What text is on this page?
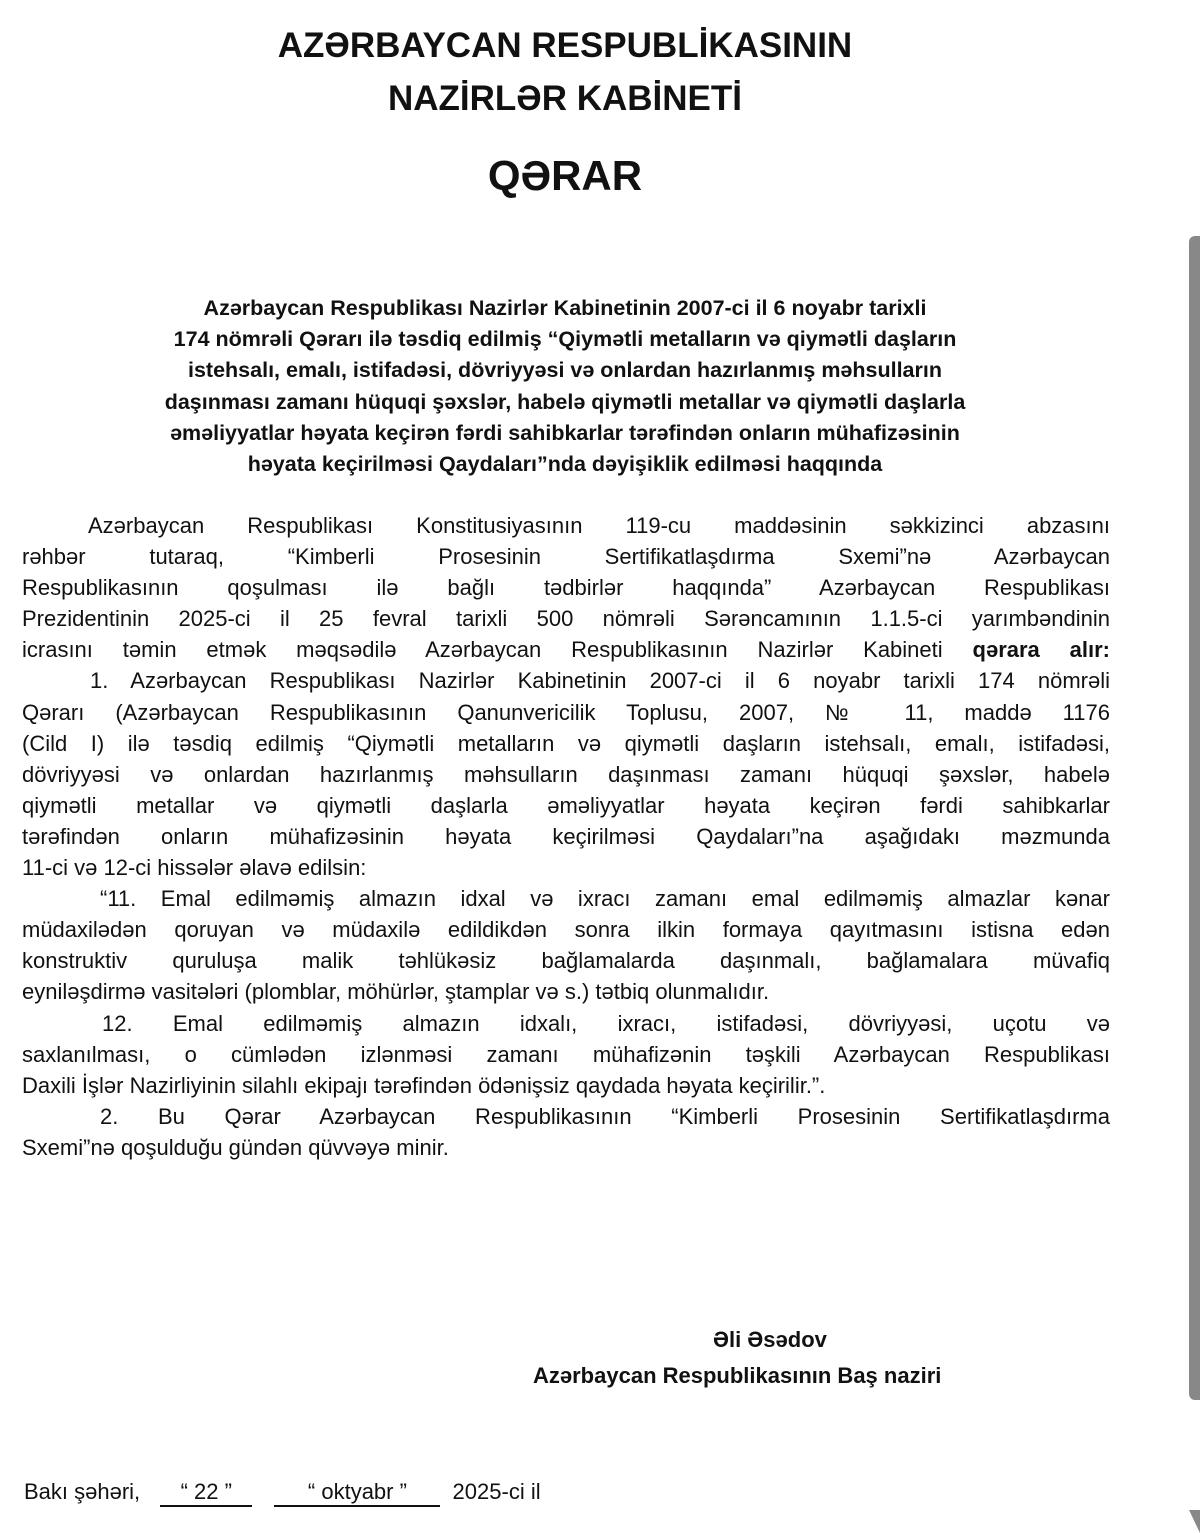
AZƏRBAYCAN RESPUBLİKASININ
NAZİRLƏR KABİNETİ
QƏRAR
Azərbaycan Respublikası Nazirlər Kabinetinin 2007-ci il 6 noyabr tarixli
174 nömrəli Qərarı ilə təsdiq edilmiş “Qiymətli metalların və qiymətli daşların
istehsalı, emalı, istifadəsi, dövriyyəsi və onlardan hazırlanmış məhsulların
daşınması zamanı hüquqi şəxslər, habelə qiymətli metallar və qiymətli daşlarla
əməliyyatlar həyata keçirən fərdi sahibkarlar tərəfindən onların mühafizəsinin
həyata keçirilməsi Qaydaları”nda dəyişiklik edilməsi haqqında
Azərbaycan Respublikası Konstitusiyasının 119-cu maddəsinin səkkizinci abzasını
rəhbər tutaraq, “Kimberli Prosesinin Sertifikatlaşdırma Sxemi”nə Azərbaycan
Respublikasının qoşulması ilə bağlı tədbirlər haqqında” Azərbaycan Respublikası
Prezidentinin 2025-ci il 25 fevral tarixli 500 nömrəli Sərəncamının 1.1.5-ci yarımbəndinin
icrasını təmin etmək məqsədilə Azərbaycan Respublikasının Nazirlər Kabineti qərara alır:
1. Azərbaycan Respublikası Nazirlər Kabinetinin 2007-ci il 6 noyabr tarixli 174 nömrəli
Qərarı (Azərbaycan Respublikasının Qanunvericilik Toplusu, 2007, № 11, maddə 1176
(Cild I) ilə təsdiq edilmiş “Qiymətli metalların və qiymətli daşların istehsalı, emalı, istifadəsi,
dövriyyəsi və onlardan hazırlanmış məhsulların daşınması zamanı hüquqi şəxslər, habelə
qiymətli metallar və qiymətli daşlarla əməliyyatlar həyata keçirən fərdi sahibkarlar
tərəfindən onların mühafizəsinin həyata keçirilməsi Qaydaları”na aşağıdakı məzmunda
11-ci və 12-ci hissələr əlavə edilsin:
“11. Emal edilməmiş almazın idxal və ixracı zamanı emal edilməmiş almazlar kənar
müdaxilədən qoruyan və müdaxilə edildikdən sonra ilkin formaya qayıtmasını istisna edən
konstruktiv quruluşa malik təhlükəsiz bağlamalarda daşınmalı, bağlamalara müvafiq
eyniləşdirmə vasitələri (plomblar, möhürlər, ştamplar və s.) tətbiq olunmalıdır.
12. Emal edilməmiş almazın idxalı, ixracı, istifadəsi, dövriyyəsi, uçotu və
saxlanılması, o cümlədən izlənməsi zamanı mühafizənin təşkili Azərbaycan Respublikası
Daxili İşlər Nazirliyinin silahlı ekipajı tərəfindən ödənişsiz qaydada həyata keçirilir.”.
2. Bu Qərar Azərbaycan Respublikasının “Kimberli Prosesinin Sertifikatlaşdırma
Sxemi”nə qoşulduğu gündən qüvvəyə minir.
Əli Əsədov
Azərbaycan Respublikasının Baş naziri
Bakı şəhəri, “ 22 ”	“ oktyabr ” 2025-ci il
